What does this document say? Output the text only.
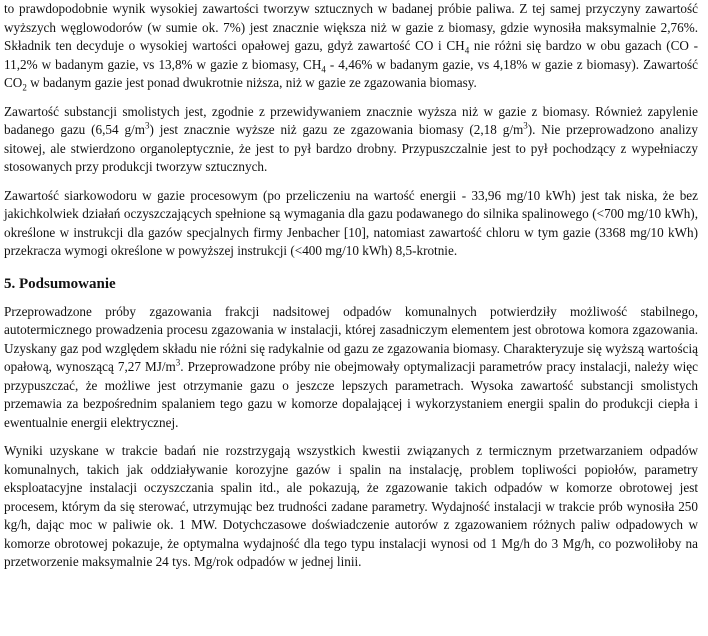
to prawdopodobnie wynik wysokiej zawartości tworzyw sztucznych w badanej próbie paliwa. Z tej samej przyczyny zawartość wyższych węglowodorów (w sumie ok. 7%) jest znacznie większa niż w gazie z biomasy, gdzie wynosiła maksymalnie 2,76%. Składnik ten decyduje o wysokiej wartości opałowej gazu, gdyż zawartość CO i $CH_4$ nie różni się bardzo w obu gazach (CO - 11,2% w badanym gazie, vs 13,8% w gazie z biomasy, $CH_4 - 4,46\%$ w badanym gazie, vs 4,18% w gazie z biomasy). Zawartość $CO_2$ w badanym gazie jest ponad dwukrotnie niższa, niż w gazie ze zgazowania biomasy.

Zawartość substancji smolistych jest, zgodnie z przewidywaniem znacznie wyższa niż w gazie z biomasy. Również zapylenie badanego gazu (6,54 $g/m^3$) jest znacznie wyższe niż gazu ze zgazowania biomasy (2,18 $g/m^3$). Nie przeprowadzono analizy sitowej, ale stwierdzono organoleptycznie, że jest to pył bardzo drobny. Przypuszczalnie jest to pył pochodzący z wypełniaczy stosowanych przy produkcji tworzyw sztucznych.

Zawartość siarkowodoru w gazie procesowym (po przeliczeniu na wartość energii - 33,96 mg/10 kWh) jest tak niska, że bez jakichkolwiek działań oczyszczających spełnione są wymagania dla gazu podawanego do silnika spalinowego (<700 mg/10 kWh), określone w instrukcji dla gazów specjalnych firmy Jenbacher [10], natomiast zawartość chloru w tym gazie (3368 mg/10 kWh) przekracza wymogi określone w powyższej instrukcji (<400 mg/10 kWh) 8,5-krotnie.

5. Podsumowanie

Przeprowadzone próby zgazowania frakcji nadsitowej odpadów komunalnych potwierdziły możliwość stabilnego, autotermicznego prowadzenia procesu zgazowania w instalacji, której zasadniczym elementem jest obrotowa komora zgazowania. Uzyskany gaz pod względem składu nie różni się radykalnie od gazu ze zgazowania biomasy. Charakteryzuje się wyższą wartością opałową, wynoszącą 7,27 $MJ/m^3$. Przeprowadzone próby nie obejmowały optymalizacji parametrów pracy instalacji, należy więc przypuszczać, że możliwe jest otrzymanie gazu o jeszcze lepszych parametrach. Wysoka zawartość substancji smolistych przemawia za bezpośrednim spalaniem tego gazu w komorze dopalającej i wykorzystaniem energii spalin do produkcji ciepła i ewentualnie energii elektrycznej.

Wyniki uzyskane w trakcie badań nie rozstrzygają wszystkich kwestii związanych z termicznym przetwarzaniem odpadów komunalnych, takich jak oddziaływanie korozyjne gazów i spalin na instalację, problem topliwości popiołów, parametry eksploatacyjne instalacji oczyszczania spalin itd., ale pokazują, że zgazowanie takich odpadów w komorze obrotowej jest procesem, którym da się sterować, utrzymując bez trudności zadane parametry. Wydajność instalacji w trakcie prób wynosiła 250 kg/h, dając moc w paliwie ok. 1 MW. Dotychczasowe doświadczenie autorów z zgazowaniem różnych paliw odpadowych w komorze obrotowej pokazuje, że optymalna wydajność dla tego typu instalacji wynosi od 1 Mg/h do 3 Mg/h, co pozwoliłoby na przetworzenie maksymalnie 24 tys. Mg/rok odpadów w jednej linii.
